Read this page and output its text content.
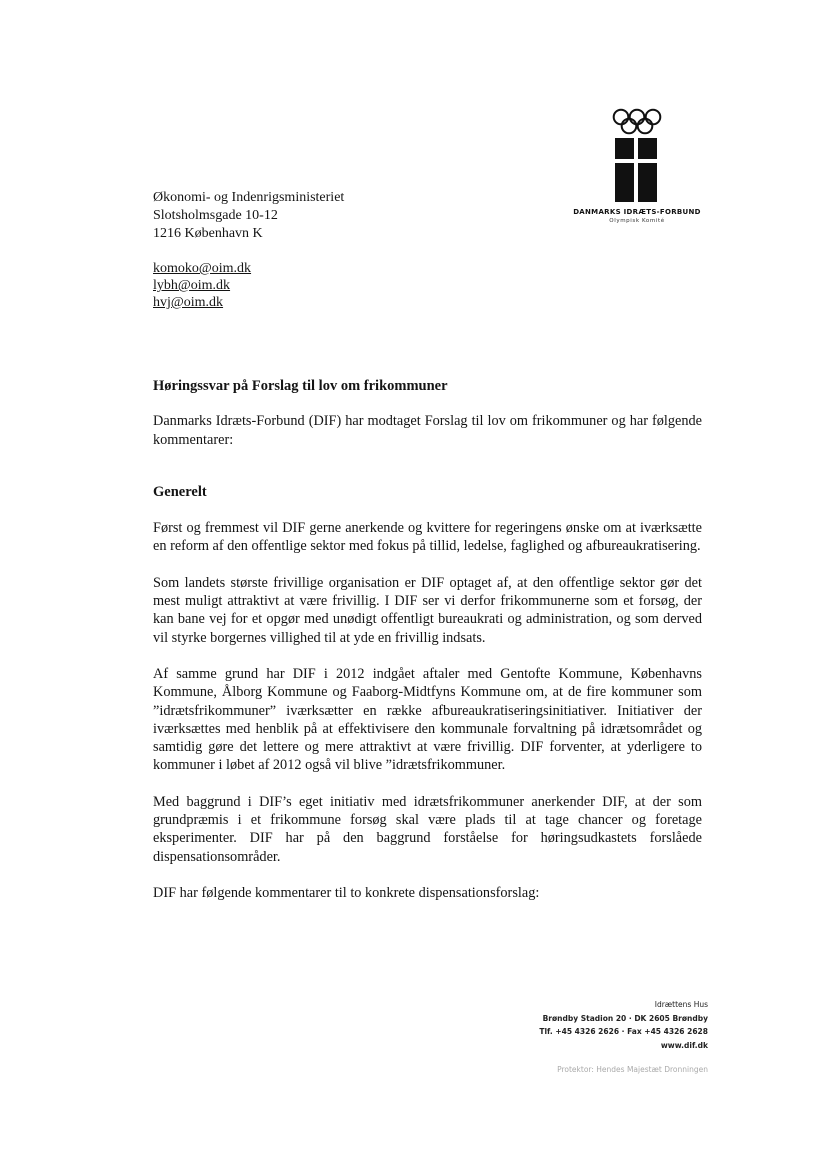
DANMARKS IDRÆTS-FORBUND
Olympisk Komité
Økonomi- og Indenrigsministeriet
Slotsholmsgade 10-12
1216 København K
komoko@oim.dk
lybh@oim.dk
hvj@oim.dk
Høringssvar på Forslag til lov om frikommuner

Danmarks Idræts-Forbund (DIF) har modtaget Forslag til lov om frikommuner og har følgende kommentarer:

Generelt

Først og fremmest vil DIF gerne anerkende og kvittere for regeringens ønske om at iværksætte en reform af den offentlige sektor med fokus på tillid, ledelse, faglighed og afbureaukratisering.

Som landets største frivillige organisation er DIF optaget af, at den offentlige sektor gør det mest muligt attraktivt at være frivillig. I DIF ser vi derfor frikommunerne som et forsøg, der kan bane vej for et opgør med unødigt offentligt bureaukrati og administration, og som derved vil styrke borgernes villighed til at yde en frivillig indsats.

Af samme grund har DIF i 2012 indgået aftaler med Gentofte Kommune, Københavns Kommune, Ålborg Kommune og Faaborg-Midtfyns Kommune om, at de fire kommuner som ”idrætsfrikommuner” iværksætter en række afbureaukratiseringsinitiativer. Initiativer der iværksættes med henblik på at effektivisere den kommunale forvaltning på idrætsområdet og samtidig gøre det lettere og mere attraktivt at være frivillig. DIF forventer, at yderligere to kommuner i løbet af 2012 også vil blive ”idrætsfrikommuner.

Med baggrund i DIF’s eget initiativ med idrætsfrikommuner anerkender DIF, at der som grundpræmis i et frikommune forsøg skal være plads til at tage chancer og foretage eksperimenter. DIF har på den baggrund forståelse for høringsudkastets forslåede dispensationsområder.

DIF har følgende kommentarer til to konkrete dispensationsforslag:

Idrættens Hus
Brøndby Stadion 20 · DK 2605 Brøndby
Tlf. +45 4326 2626 · Fax +45 4326 2628
www.dif.dk
Protektor: Hendes Majestæt Dronningen
